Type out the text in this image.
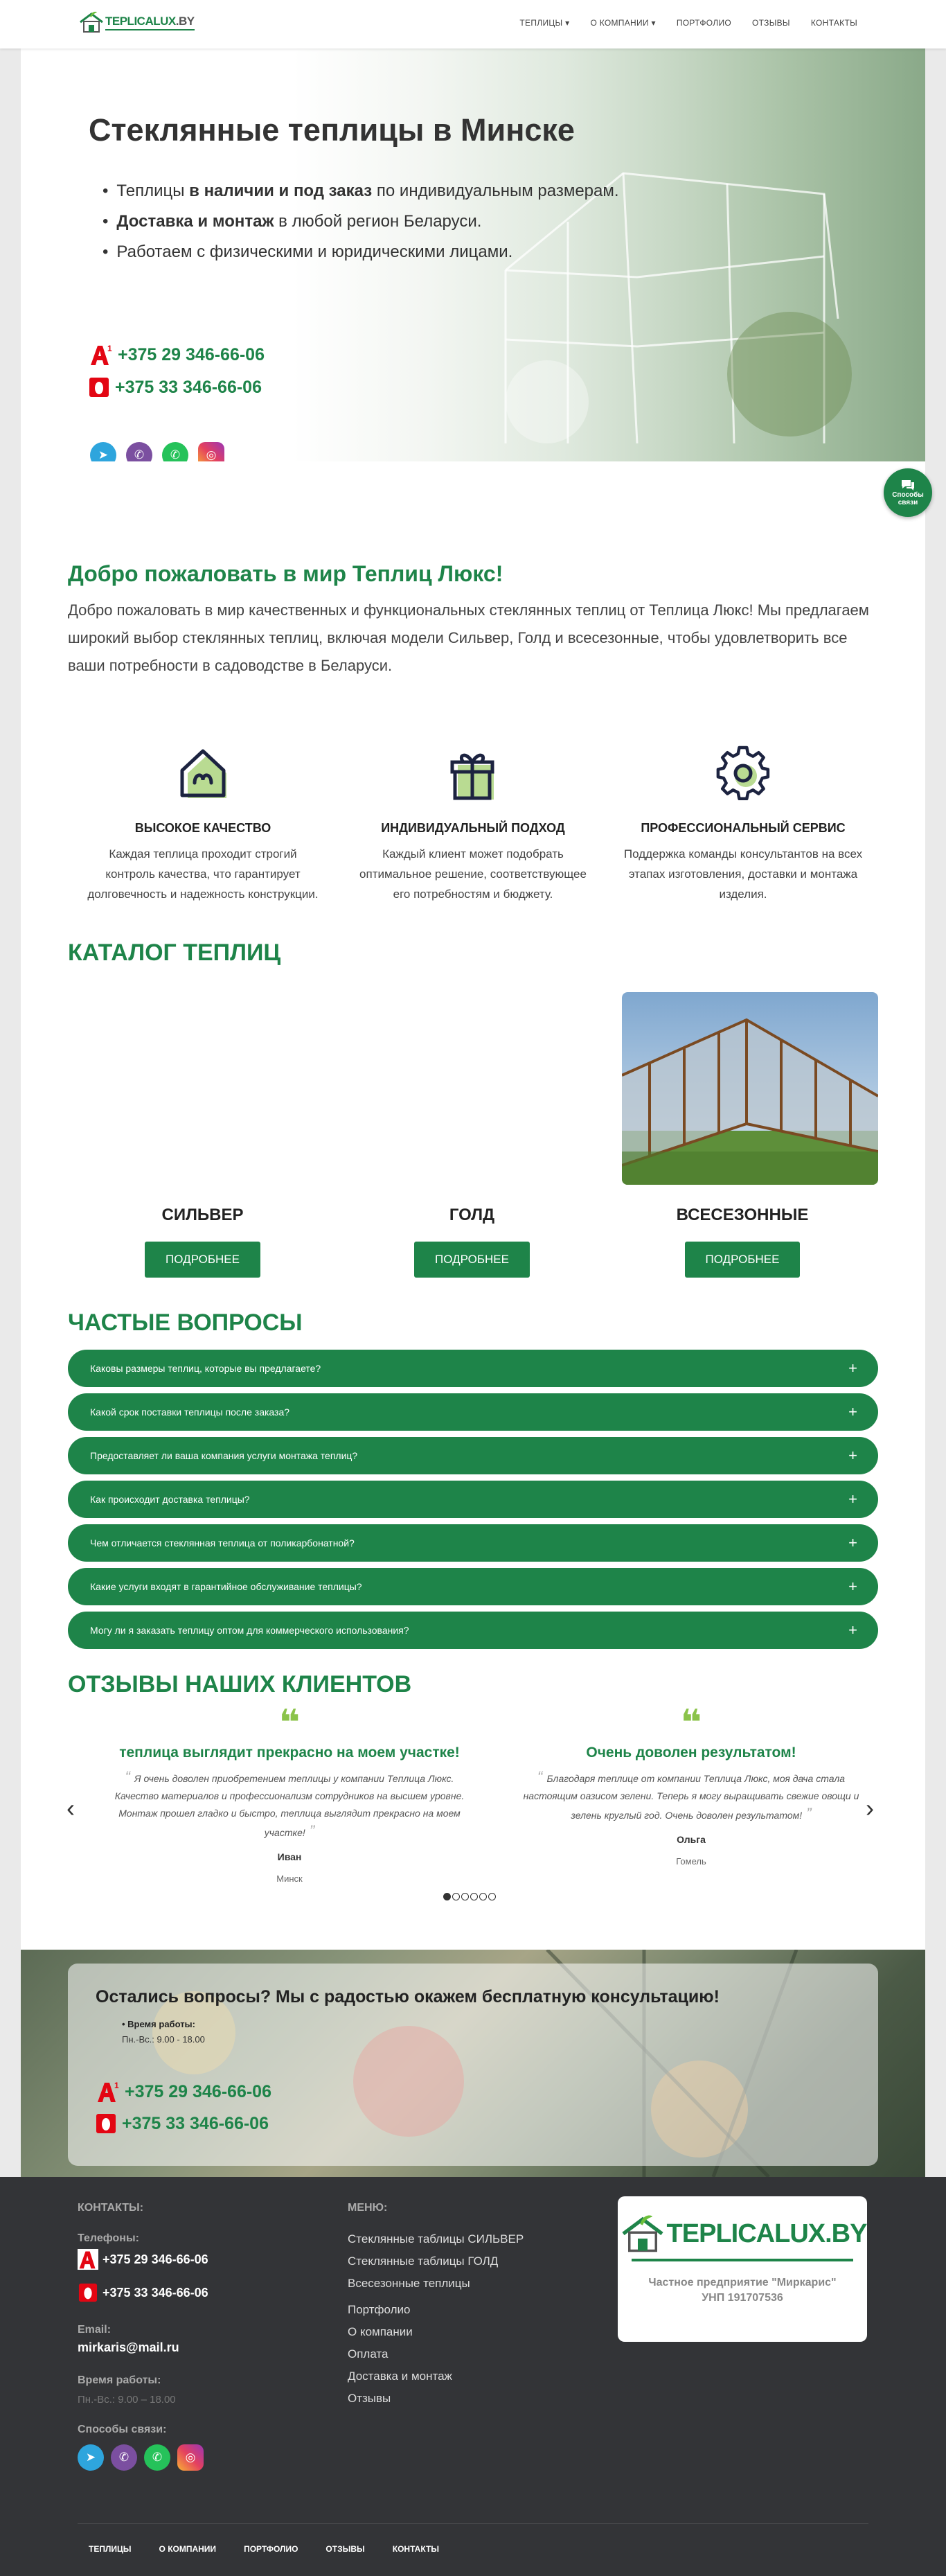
TEPLICALUX.BY	ТЕПЛИЦЫ ▾	О КОМПАНИИ ▾	ПОРТФОЛИО	ОТЗЫВЫ	КОНТАКТЫ
Способы
связи
Стеклянные теплицы в Минске
• Теплицы в наличии и под заказ по индивидуальным размерам.
• Доставка и монтаж в любой регион Беларуси.
• Работаем с физическими и юридическими лицами.
1 +375 29 346-66-06
+375 33 346-66-06
➤	✆	✆	◎
Добро пожаловать в мир Теплиц Люкс!

Добро пожаловать в мир качественных и функциональных стеклянных теплиц от Теплица Люкс! Мы предлагаем широкий выбор стеклянных теплиц, включая модели Сильвер, Голд и всесезонные, чтобы удовлетворить все ваши потребности в садоводстве в Беларуси.

ВЫСОКОЕ КАЧЕСТВО

Каждая теплица проходит строгий контроль качества, что гарантирует долговечность и надежность конструкции.

ИНДИВИДУАЛЬНЫЙ ПОДХОД

Каждый клиент может подобрать оптимальное решение, соответствующее его потребностям и бюджету.

ПРОФЕССИОНАЛЬНЫЙ СЕРВИС

Поддержка команды консультантов на всех этапах изготовления, доставки и монтажа изделия.

КАТАЛОГ ТЕПЛИЦ
СИЛЬВЕР
ПОДРОБНЕЕ
ГОЛД
ПОДРОБНЕЕ
ВСЕСЕЗОННЫЕ
ПОДРОБНЕЕ
ЧАСТЫЕ ВОПРОСЫ
Каковы размеры теплиц, которые вы предлагаете?	+
Какой срок поставки теплицы после заказа?	+
Предоставляет ли ваша компания услуги монтажа теплиц?	+
Как происходит доставка теплицы?	+
Чем отличается стеклянная теплица от поликарбонатной?	+
Какие услуги входят в гарантийное обслуживание теплицы?	+
Могу ли я заказать теплицу оптом для коммерческого использования?	+
ОТЗЫВЫ НАШИХ КЛИЕНТОВ
‹	›
❝
теплица выглядит прекрасно на моем участке!

“ Я очень доволен приобретением теплицы у компании Теплица Люкс. Качество материалов и профессионализм сотрудников на высшем уровне. Монтаж прошел гладко и быстро, теплица выглядит прекрасно на моем участке! ”

Иван
Минск
❝
Очень доволен результатом!

“ Благодаря теплице от компании Теплица Люкс, моя дача стала настоящим оазисом зелени. Теперь я могу выращивать свежие овощи и зелень круглый год. Очень доволен результатом! ”

Ольга
Гомель
Остались вопросы? Мы с радостью окажем бесплатную консультацию!
• Время работы:
Пн.-Вс.: 9.00 - 18.00
1 +375 29 346-66-06
+375 33 346-66-06
КОНТАКТЫ:
Телефоны:
+375 29 346-66-06
+375 33 346-66-06
Email:
mirkaris@mail.ru
Время работы:
Пн.-Вс.: 9.00 – 18.00
Способы связи:
➤	✆	✆	◎
МЕНЮ:
Стеклянные таблицы СИЛЬВЕР
Стеклянные таблицы ГОЛД
Всесезонные теплицы
Портфолио
О компании
Оплата
Доставка и монтаж
Отзывы
TEPLICALUX.BY
Частное предприятие "Миркарис"
УНП 191707536
ТЕПЛИЦЫ	О КОМПАНИИ	ПОРТФОЛИО	ОТЗЫВЫ	КОНТАКТЫ
